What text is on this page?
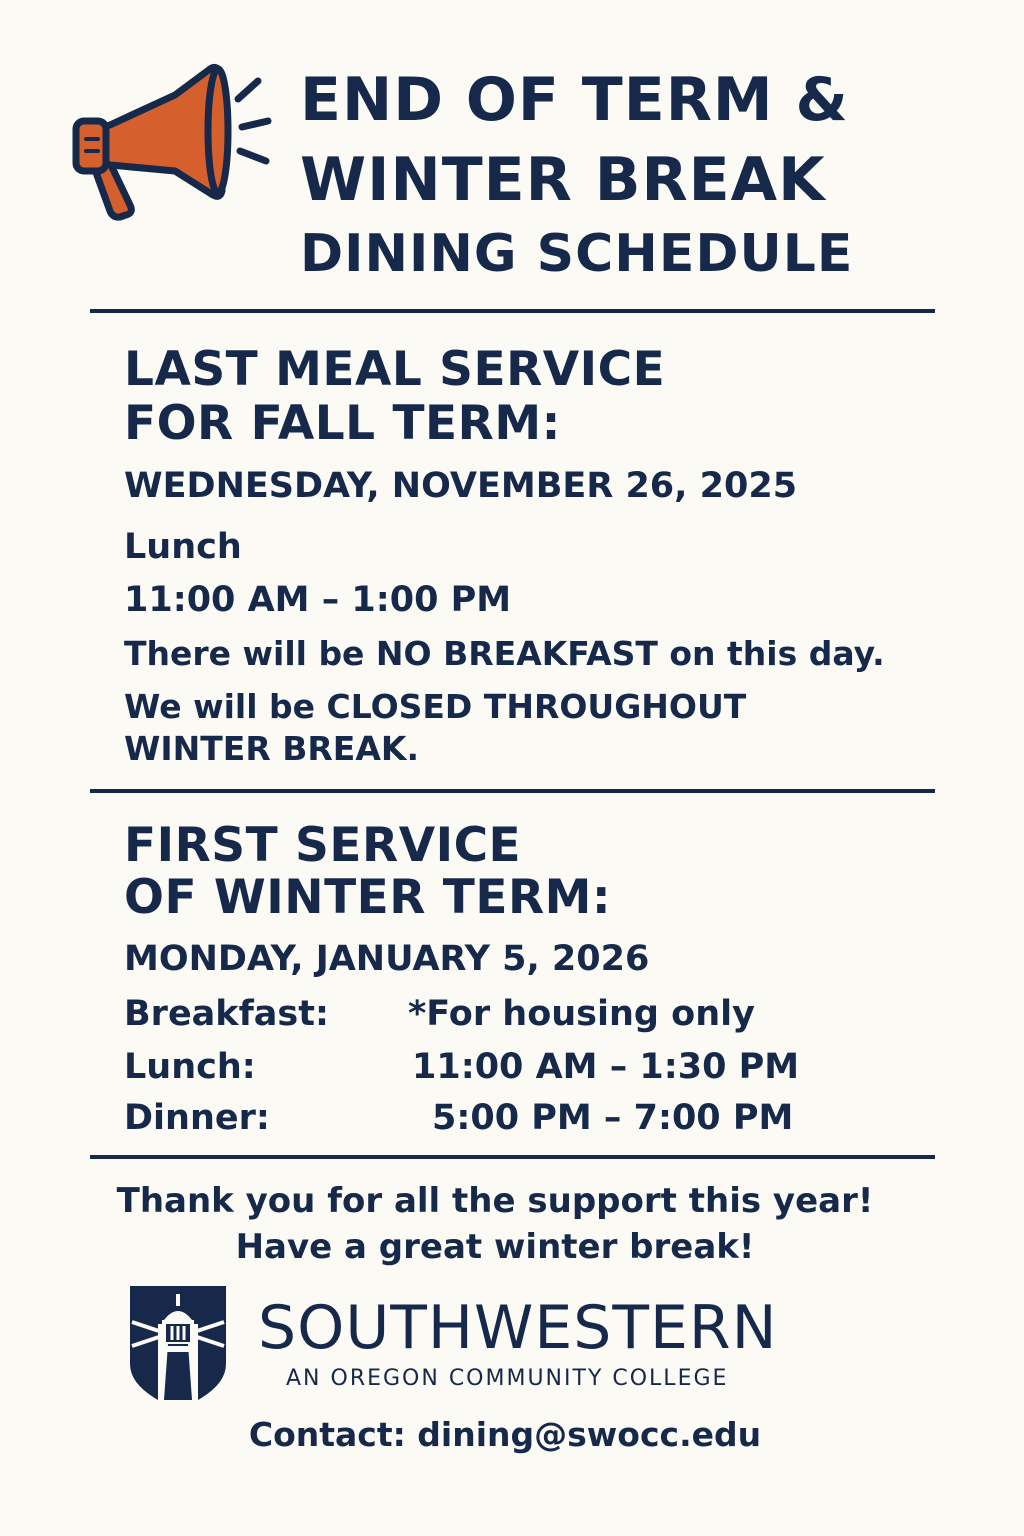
END OF TERM &
WINTER BREAK
DINING SCHEDULE
LAST MEAL SERVICE
FOR FALL TERM:
WEDNESDAY, NOVEMBER 26, 2025
Lunch
11:00 AM – 1:00 PM
There will be NO BREAKFAST on this day.
We will be CLOSED THROUGHOUT
WINTER BREAK.
FIRST SERVICE
OF WINTER TERM:
MONDAY, JANUARY 5, 2026
Breakfast: *For housing only
Lunch:	11:00 AM – 1:30 PM
Dinner:	5:00 PM – 7:00 PM
Thank you for all the support this year!
Have a great winter break!
SOUTHWESTERN
AN OREGON COMMUNITY COLLEGE
Contact: dining@swocc.edu
